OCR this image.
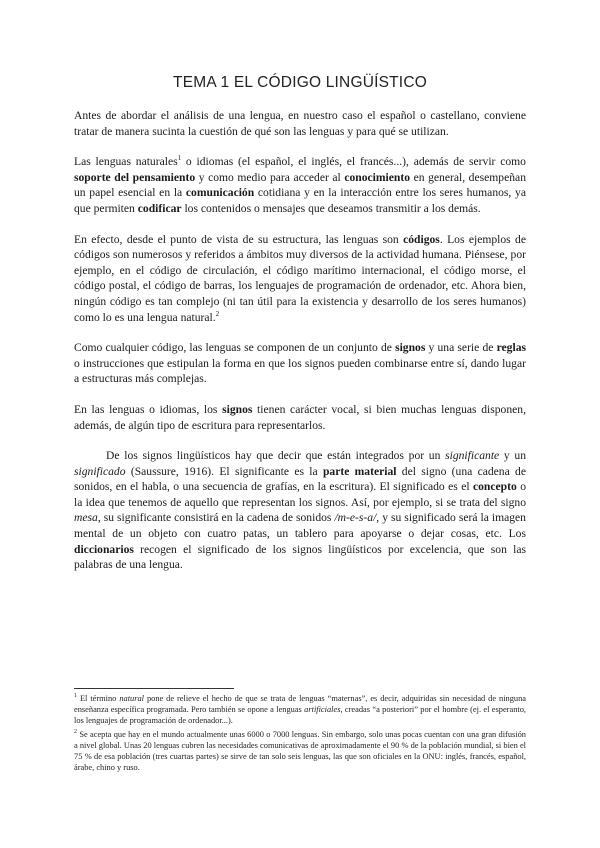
TEMA 1 EL CÓDIGO LINGÜÍSTICO

Antes de abordar el análisis de una lengua, en nuestro caso el español o castellano, conviene tratar de manera sucinta la cuestión de qué son las lenguas y para qué se utilizan.

Las lenguas naturales$^1$ o idiomas (el español, el inglés, el francés...), además de servir como soporte del pensamiento y como medio para acceder al conocimiento en general, desempeñan un papel esencial en la comunicación cotidiana y en la interacción entre los seres humanos, ya que permiten codificar los contenidos o mensajes que deseamos transmitir a los demás.

En efecto, desde el punto de vista de su estructura, las lenguas son códigos. Los ejemplos de códigos son numerosos y referidos a ámbitos muy diversos de la actividad humana. Piénsese, por ejemplo, en el código de circulación, el código marítimo internacional, el código morse, el código postal, el código de barras, los lenguajes de programación de ordenador, etc. Ahora bien, ningún código es tan complejo (ni tan útil para la existencia y desarrollo de los seres humanos) como lo es una lengua natural.$^2$

Como cualquier código, las lenguas se componen de un conjunto de signos y una serie de reglas o instrucciones que estipulan la forma en que los signos pueden combinarse entre sí, dando lugar a estructuras más complejas.

En las lenguas o idiomas, los signos tienen carácter vocal, si bien muchas lenguas disponen, además, de algún tipo de escritura para representarlos.

De los signos lingüísticos hay que decir que están integrados por un significante y un significado (Saussure, 1916). El significante es la parte material del signo (una cadena de sonidos, en el habla, o una secuencia de grafías, en la escritura). El significado es el concepto o la idea que tenemos de aquello que representan los signos. Así, por ejemplo, si se trata del signo mesa, su significante consistirá en la cadena de sonidos /m-e-s-a/, y su significado será la imagen mental de un objeto con cuatro patas, un tablero para apoyarse o dejar cosas, etc. Los diccionarios recogen el significado de los signos lingüísticos por excelencia, que son las palabras de una lengua.

$^1$ El término natural pone de relieve el hecho de que se trata de lenguas “maternas”, es decir, adquiridas sin necesidad de ninguna enseñanza específica programada. Pero también se opone a lenguas artificiales, creadas “a posteriori” por el hombre (ej. el esperanto, los lenguajes de programación de ordenador...).

$^2$ Se acepta que hay en el mundo actualmente unas 6000 o 7000 lenguas. Sin embargo, solo unas pocas cuentan con una gran difusión a nivel global. Unas 20 lenguas cubren las necesidades comunicativas de aproximadamente el 90 % de la población mundial, si bien el 75 % de esa población (tres cuartas partes) se sirve de tan solo seis lenguas, las que son oficiales en la ONU: inglés, francés, español, árabe, chino y ruso.
